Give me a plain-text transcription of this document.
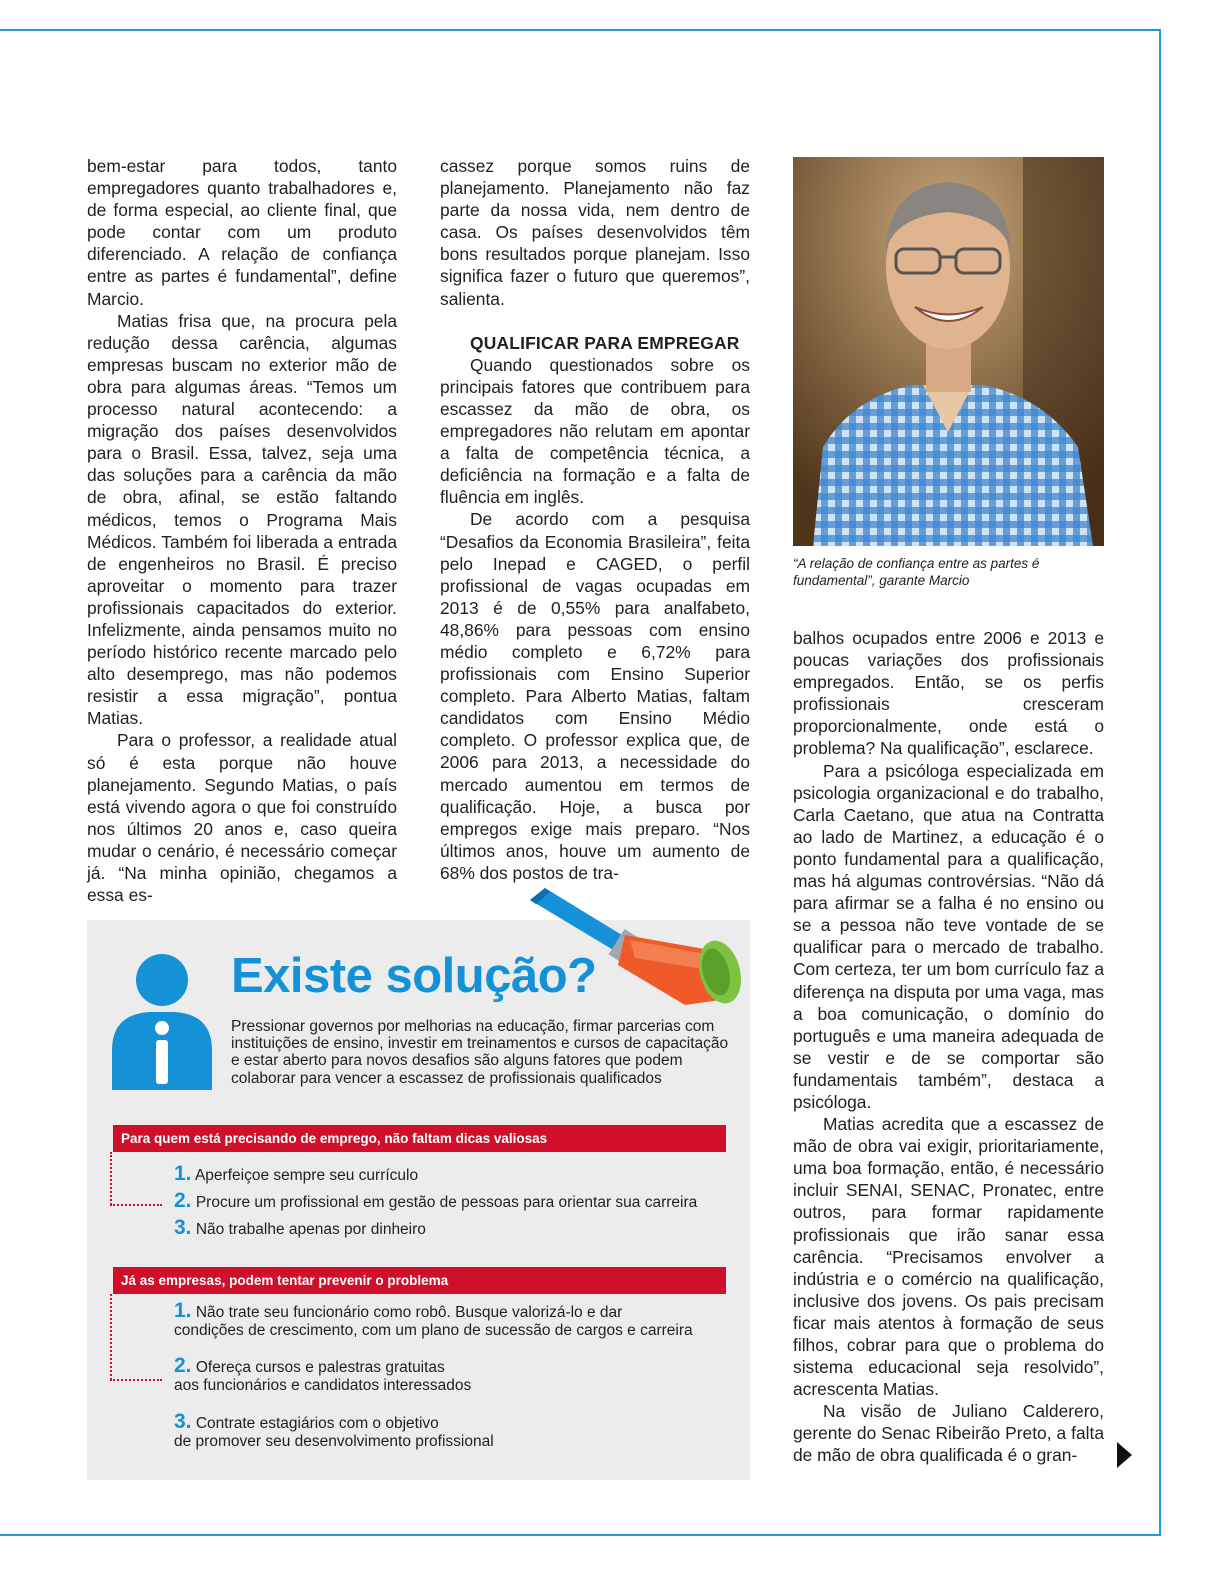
bem-estar para todos, tanto empregadores quanto trabalhadores e, de forma especial, ao cliente final, que pode contar com um produto diferenciado. A relação de confiança entre as partes é fundamental”, define Marcio.

Matias frisa que, na procura pela redução dessa carência, algumas empresas buscam no exterior mão de obra para algumas áreas. “Temos um processo natural acontecendo: a migração dos países desenvolvidos para o Brasil. Essa, talvez, seja uma das soluções para a carência da mão de obra, afinal, se estão faltando médicos, temos o Programa Mais Médicos. Também foi liberada a entrada de engenheiros no Brasil. É preciso aproveitar o momento para trazer profissionais capacitados do exterior. Infelizmente, ainda pensamos muito no período histórico recente marcado pelo alto desemprego, mas não podemos resistir a essa migração”, pontua Matias.

Para o professor, a realidade atual só é esta porque não houve planejamento. Segundo Matias, o país está vivendo agora o que foi construído nos últimos 20 anos e, caso queira mudar o cenário, é necessário começar já. “Na minha opinião, chegamos a essa es-

cassez porque somos ruins de planejamento. Planejamento não faz parte da nossa vida, nem dentro de casa. Os países desenvolvidos têm bons resultados porque planejam. Isso significa fazer o futuro que queremos”, salienta.

QUALIFICAR PARA EMPREGAR

Quando questionados sobre os principais fatores que contribuem para escassez da mão de obra, os empregadores não relutam em apontar a falta de competência técnica, a deficiência na formação e a falta de fluência em inglês.

De acordo com a pesquisa “Desafios da Economia Brasileira”, feita pelo Inepad e CAGED, o perfil profissional de vagas ocupadas em 2013 é de 0,55% para analfabeto, 48,86% para pessoas com ensino médio completo e 6,72% para profissionais com Ensino Superior completo. Para Alberto Matias, faltam candidatos com Ensino Médio completo. O professor explica que, de 2006 para 2013, a necessidade do mercado aumentou em termos de qualificação. Hoje, a busca por empregos exige mais preparo. “Nos últimos anos, houve um aumento de 68% dos postos de tra-

“A relação de confiança entre as partes é fundamental”, garante Marcio

balhos ocupados entre 2006 e 2013 e poucas variações dos profissionais empregados. Então, se os perfis profissionais cresceram proporcionalmente, onde está o problema? Na qualificação”, esclarece.

Para a psicóloga especializada em psicologia organizacional e do trabalho, Carla Caetano, que atua na Contratta ao lado de Martinez, a educação é o ponto fundamental para a qualificação, mas há algumas controvérsias. “Não dá para afirmar se a falha é no ensino ou se a pessoa não teve vontade de se qualificar para o mercado de trabalho. Com certeza, ter um bom currículo faz a diferença na disputa por uma vaga, mas a boa comunicação, o domínio do português e uma maneira adequada de se vestir e de se comportar são fundamentais também”, destaca a psicóloga.

Matias acredita que a escassez de mão de obra vai exigir, prioritariamente, uma boa formação, então, é necessário incluir SENAI, SENAC, Pronatec, entre outros, para formar rapidamente profissionais que irão sanar essa carência. “Precisamos envolver a indústria e o comércio na qualificação, inclusive dos jovens. Os pais precisam ficar mais atentos à formação de seus filhos, cobrar para que o problema do sistema educacional seja resolvido”, acrescenta Matias.

Na visão de Juliano Calderero, gerente do Senac Ribeirão Preto, a falta de mão de obra qualificada é o gran-

Existe solução?
Pressionar governos por melhorias na educação, firmar parcerias com instituições de ensino, investir em treinamentos e cursos de capacitação e estar aberto para novos desafios são alguns fatores que podem colaborar para vencer a escassez de profissionais qualificados
Para quem está precisando de emprego, não faltam dicas valiosas
1. Aperfeiçoe sempre seu currículo
2. Procure um profissional em gestão de pessoas para orientar sua carreira
3. Não trabalhe apenas por dinheiro
Já as empresas, podem tentar prevenir o problema
1. Não trate seu funcionário como robô. Busque valorizá-lo e dar
condições de crescimento, com um plano de sucessão de cargos e carreira
2. Ofereça cursos e palestras gratuitas
aos funcionários e candidatos interessados
3. Contrate estagiários com o objetivo
de promover seu desenvolvimento profissional
